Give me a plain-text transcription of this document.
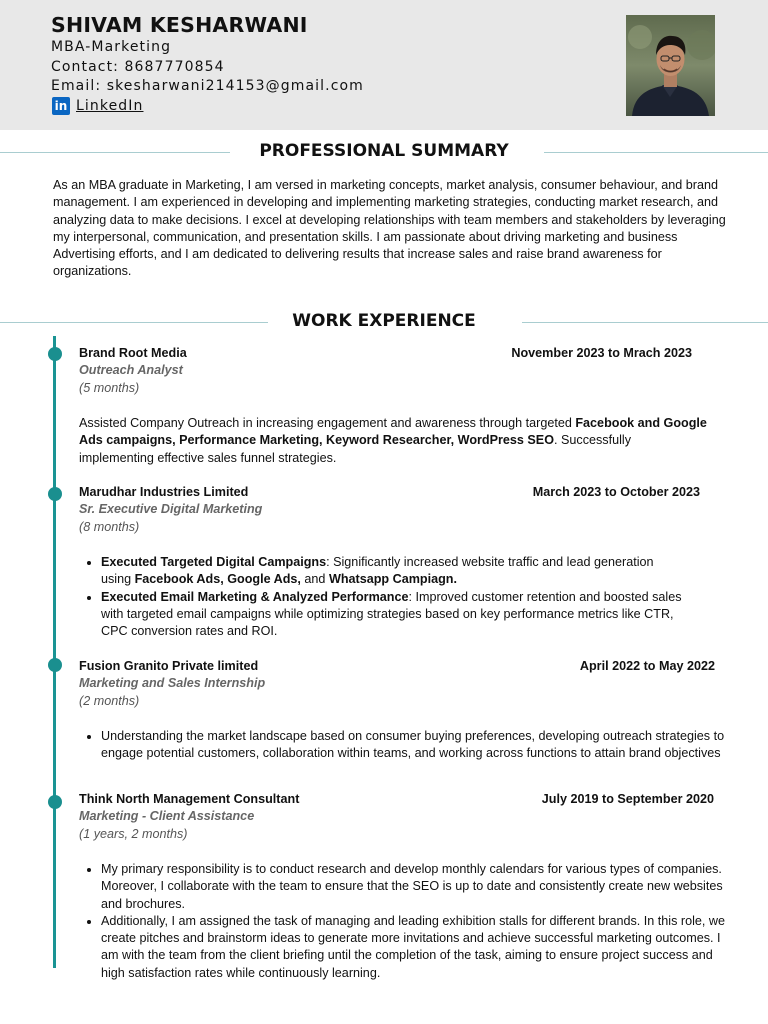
SHIVAM KESHARWANI

MBA-Marketing

Contact: 8687770854

Email: skesharwani214153@gmail.com

in LinkedIn
PROFESSIONAL SUMMARY

As an MBA graduate in Marketing, I am versed in marketing concepts, market analysis, consumer behaviour, and brand management. I am experienced in developing and implementing marketing strategies, conducting market research, and analyzing data to make decisions. I excel at developing relationships with team members and stakeholders by leveraging my interpersonal, communication, and presentation skills. I am passionate about driving marketing and business Advertising efforts, and I am dedicated to delivering results that increase sales and raise brand awareness for organizations.

WORK EXPERIENCE

Brand Root Media	November 2023 to Mrach 2023

Outreach Analyst

(5 months)

Assisted Company Outreach in increasing engagement and awareness through targeted Facebook and Google Ads campaigns, Performance Marketing, Keyword Researcher, WordPress SEO. Successfully implementing effective sales funnel strategies.

Marudhar Industries Limited	March 2023 to October 2023

Sr. Executive Digital Marketing

(8 months)

• Executed Targeted Digital Campaigns: Significantly increased website traffic and lead generation using Facebook Ads, Google Ads, and Whatsapp Campiagn.
• Executed Email Marketing & Analyzed Performance: Improved customer retention and boosted sales with targeted email campaigns while optimizing strategies based on key performance metrics like CTR, CPC conversion rates and ROI.

Fusion Granito Private limited	April 2022 to May 2022

Marketing and Sales Internship

(2 months)

• Understanding the market landscape based on consumer buying preferences, developing outreach strategies to engage potential customers, collaboration within teams, and working across functions to attain brand objectives

Think North Management Consultant	July 2019 to September 2020

Marketing - Client Assistance

(1 years, 2 months)

• My primary responsibility is to conduct research and develop monthly calendars for various types of companies. Moreover, I collaborate with the team to ensure that the SEO is up to date and consistently create new websites and brochures.
• Additionally, I am assigned the task of managing and leading exhibition stalls for different brands. In this role, we create pitches and brainstorm ideas to generate more invitations and achieve successful marketing outcomes. I am with the team from the client briefing until the completion of the task, aiming to ensure project success and high satisfaction rates while continuously learning.
